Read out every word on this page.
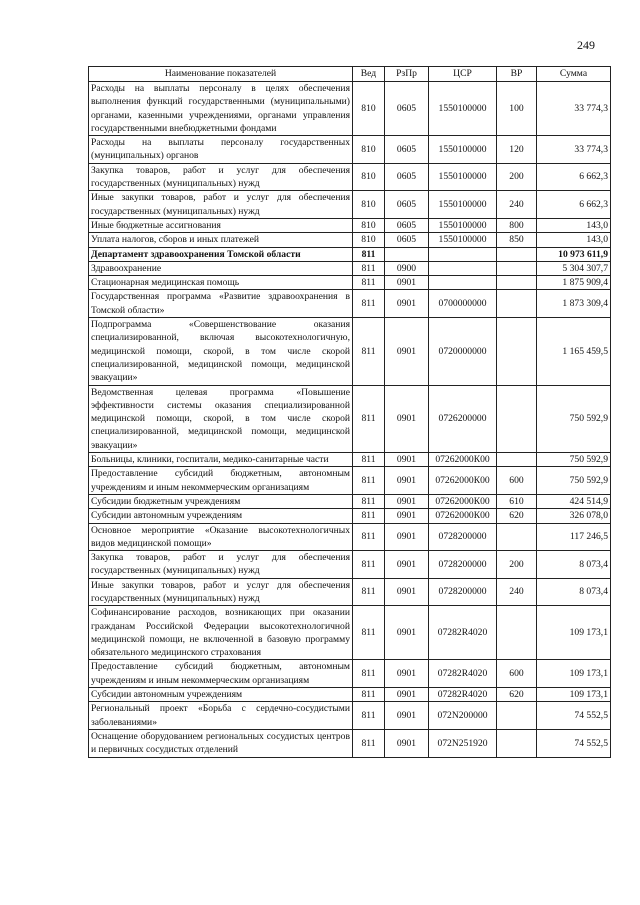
249
Наименование показателей	Вед	РзПр	ЦСР	ВР	Сумма
Расходы на выплаты персоналу в целях обеспечения выполнения функций государственными (муниципальными) органами, казенными учреждениями, органами управления государственными внебюджетными фондами	810	0605	1550100000	100	33 774,3
Расходы на выплаты персоналу государственных (муниципальных) органов	810	0605	1550100000	120	33 774,3
Закупка товаров, работ и услуг для обеспечения государственных (муниципальных) нужд	810	0605	1550100000	200	6 662,3
Иные закупки товаров, работ и услуг для обеспечения государственных (муниципальных) нужд	810	0605	1550100000	240	6 662,3
Иные бюджетные ассигнования	810	0605	1550100000	800	143,0
Уплата налогов, сборов и иных платежей	810	0605	1550100000	850	143,0
Департамент здравоохранения Томской области	811				10 973 611,9
Здравоохранение	811	0900			5 304 307,7
Стационарная медицинская помощь	811	0901			1 875 909,4
Государственная программа «Развитие здравоохранения в Томской области»	811	0901	0700000000		1 873 309,4
Подпрограмма «Совершенствование оказания специализированной, включая высокотехнологичную, медицинской помощи, скорой, в том числе скорой специализированной, медицинской помощи, медицинской эвакуации»	811	0901	0720000000		1 165 459,5
Ведомственная целевая программа «Повышение эффективности системы оказания специализированной медицинской помощи, скорой, в том числе скорой специализированной, медицинской помощи, медицинской эвакуации»	811	0901	0726200000		750 592,9
Больницы, клиники, госпитали, медико-санитарные части	811	0901	07262000К00		750 592,9
Предоставление субсидий бюджетным, автономным учреждениям и иным некоммерческим организациям	811	0901	07262000К00	600	750 592,9
Субсидии бюджетным учреждениям	811	0901	07262000К00	610	424 514,9
Субсидии автономным учреждениям	811	0901	07262000К00	620	326 078,0
Основное мероприятие «Оказание высокотехнологичных видов медицинской помощи»	811	0901	0728200000		117 246,5
Закупка товаров, работ и услуг для обеспечения государственных (муниципальных) нужд	811	0901	0728200000	200	8 073,4
Иные закупки товаров, работ и услуг для обеспечения государственных (муниципальных) нужд	811	0901	0728200000	240	8 073,4
Софинансирование расходов, возникающих при оказании гражданам Российской Федерации высокотехнологичной медицинской помощи, не включенной в базовую программу обязательного медицинского страхования	811	0901	07282R4020		109 173,1
Предоставление субсидий бюджетным, автономным учреждениям и иным некоммерческим организациям	811	0901	07282R4020	600	109 173,1
Субсидии автономным учреждениям	811	0901	07282R4020	620	109 173,1
Региональный проект «Борьба с сердечно-сосудистыми заболеваниями»	811	0901	072N200000		74 552,5
Оснащение оборудованием региональных сосудистых центров и первичных сосудистых отделений	811	0901	072N251920		74 552,5
